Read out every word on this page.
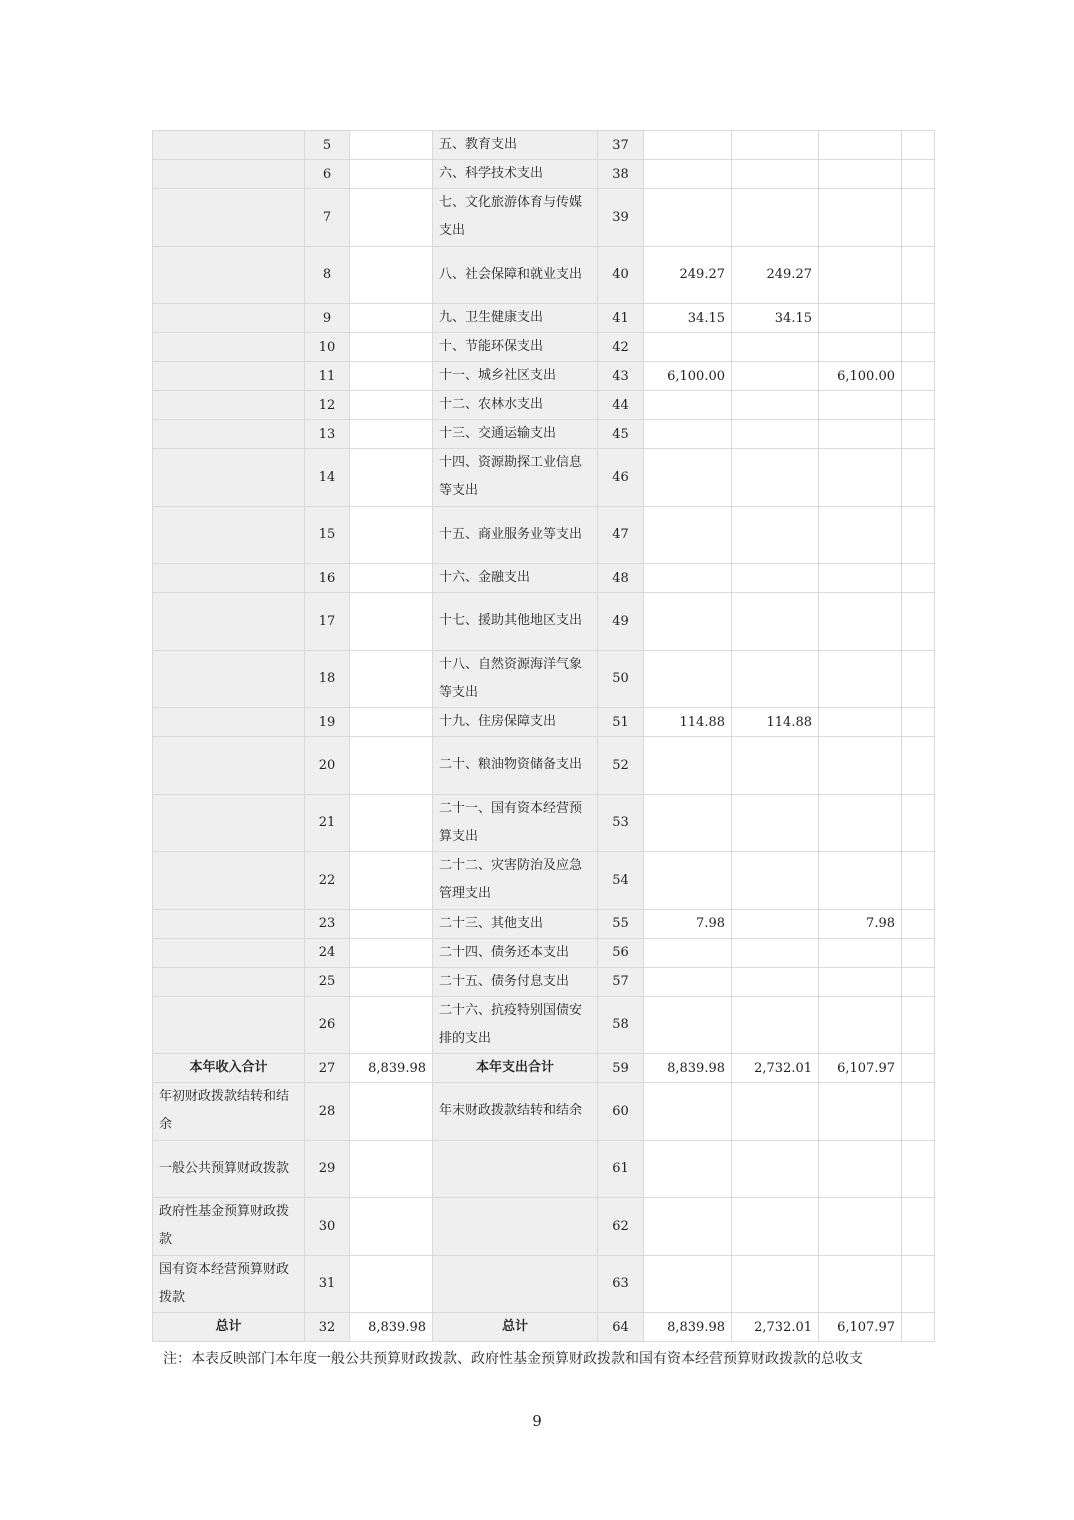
	5		五、教育支出	37				
	6		六、科学技术支出	38				
	7		七、文化旅游体育与传媒支出	39				
	8		八、社会保障和就业支出	40	249.27	249.27		
	9		九、卫生健康支出	41	34.15	34.15		
	10		十、节能环保支出	42				
	11		十一、城乡社区支出	43	6,100.00		6,100.00	
	12		十二、农林水支出	44				
	13		十三、交通运输支出	45				
	14		十四、资源勘探工业信息等支出	46				
	15		十五、商业服务业等支出	47				
	16		十六、金融支出	48				
	17		十七、援助其他地区支出	49				
	18		十八、自然资源海洋气象等支出	50				
	19		十九、住房保障支出	51	114.88	114.88		
	20		二十、粮油物资储备支出	52				
	21		二十一、国有资本经营预算支出	53				
	22		二十二、灾害防治及应急管理支出	54				
	23		二十三、其他支出	55	7.98		7.98	
	24		二十四、债务还本支出	56				
	25		二十五、债务付息支出	57				
	26		二十六、抗疫特别国债安排的支出	58				
本年收入合计	27	8,839.98	本年支出合计	59	8,839.98	2,732.01	6,107.97	
年初财政拨款结转和结余	28		年末财政拨款结转和结余	60				
一般公共预算财政拨款	29			61				
政府性基金预算财政拨款	30			62				
国有资本经营预算财政拨款	31			63				
总计	32	8,839.98	总计	64	8,839.98	2,732.01	6,107.97	
注：本表反映部门本年度一般公共预算财政拨款、政府性基金预算财政拨款和国有资本经营预算财政拨款的总收支
9
